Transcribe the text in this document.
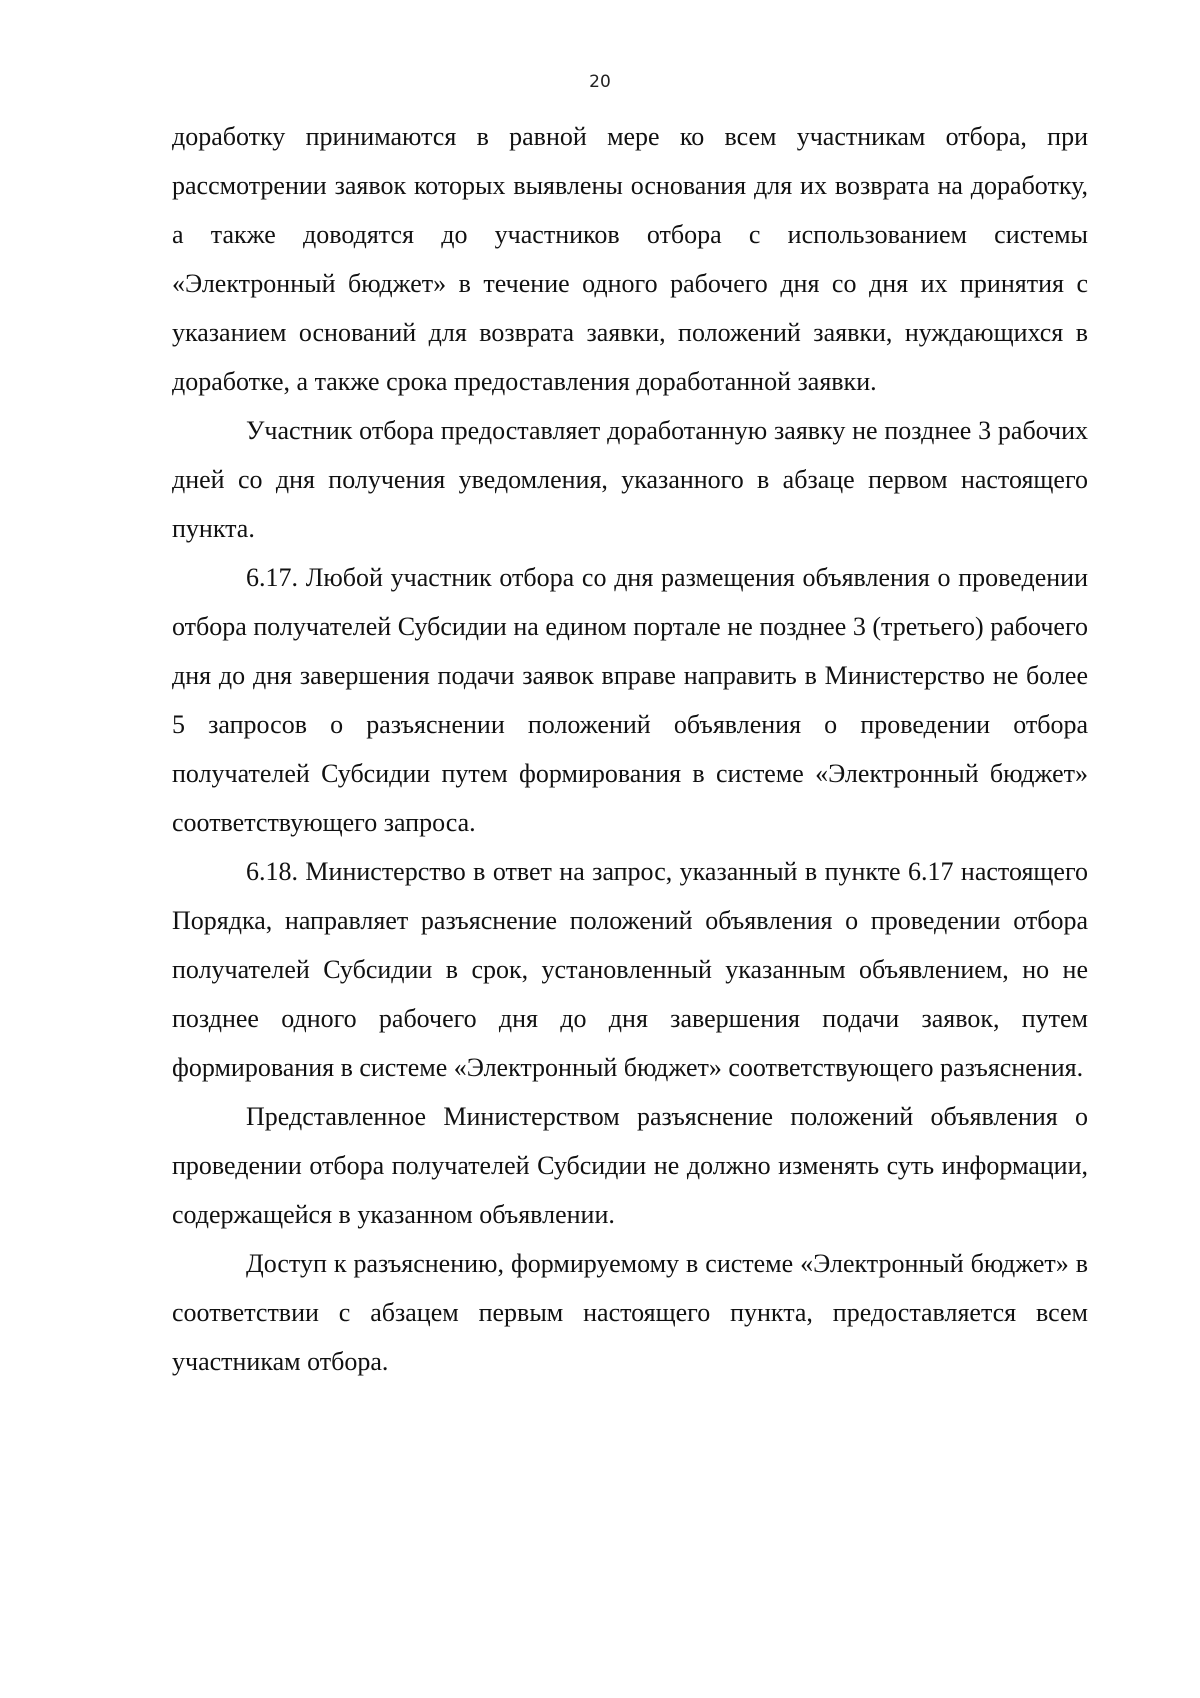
20

доработку принимаются в равной мере ко всем участникам отбора, при рассмотрении заявок которых выявлены основания для их возврата на доработку, а также доводятся до участников отбора с использованием системы «Электронный бюджет» в течение одного рабочего дня со дня их принятия с указанием оснований для возврата заявки, положений заявки, нуждающихся в доработке, а также срока предоставления доработанной заявки.

Участник отбора предоставляет доработанную заявку не позднее 3 рабочих дней со дня получения уведомления, указанного в абзаце первом настоящего пункта.

6.17. Любой участник отбора со дня размещения объявления о проведении отбора получателей Субсидии на едином портале не позднее 3 (третьего) рабочего дня до дня завершения подачи заявок вправе направить в Министерство не более 5 запросов о разъяснении положений объявления о проведении отбора получателей Субсидии путем формирования в системе «Электронный бюджет» соответствующего запроса.

6.18. Министерство в ответ на запрос, указанный в пункте 6.17 настоящего Порядка, направляет разъяснение положений объявления о проведении отбора получателей Субсидии в срок, установленный указанным объявлением, но не позднее одного рабочего дня до дня завершения подачи заявок, путем формирования в системе «Электронный бюджет» соответствующего разъяснения.

Представленное Министерством разъяснение положений объявления о проведении отбора получателей Субсидии не должно изменять суть информации, содержащейся в указанном объявлении.

Доступ к разъяснению, формируемому в системе «Электронный бюджет» в соответствии с абзацем первым настоящего пункта, предоставляется всем участникам отбора.
